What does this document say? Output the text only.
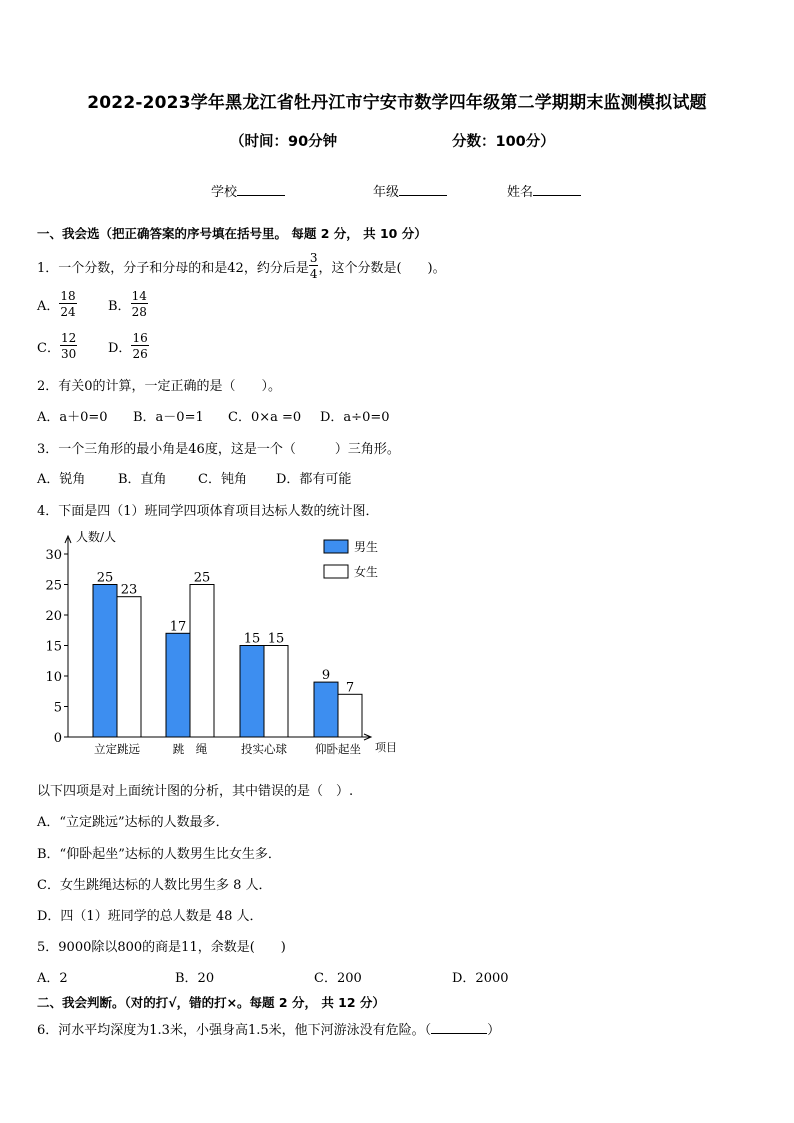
2022-2023学年黑龙江省牡丹江市宁安市数学四年级第二学期期末监测模拟试题
（时间：90分钟	分数：100分）
学校	年级	姓名
一、我会选（把正确答案的序号填在括号里。 每题 2 分， 共 10 分）
1．一个分数，分子和分母的和是42，约分后是 $\frac{3}{4}$ ，这个分数是(　　)。
A． $\frac{18}{24}$ B． $\frac{14}{28}$
C． $\frac{12}{30}$ D． $\frac{16}{26}$
2．有关0的计算，一定正确的是（　　）。
A．a＋0=0 B．a－0=1 C．0×a =0 D．a÷0=0
3．一个三角形的最小角是46度，这是一个（　　　）三角形。
A．锐角	B．直角 C．钝角 D．都有可能
4．下面是四（1）班同学四项体育项目达标人数的统计图．
0
5
10
15
20
25
30
人数/人
项目
25
23
立定跳远
17
25
跳　绳
15 15
投实心球
9
7
仰卧起坐
男生
女生
以下四项是对上面统计图的分析，其中错误的是（　）.
A．“立定跳远”达标的人数最多．
B．“仰卧起坐”达标的人数男生比女生多．
C．女生跳绳达标的人数比男生多 8 人．
D．四（1）班同学的总人数是 48 人．
5．9000除以800的商是11，余数是(　　)
A．2	B．20	C．200	D．2000
二、我会判断。（对的打√，错的打×。每题 2 分， 共 12 分）
6．河水平均深度为1.3米，小强身高1.5米，他下河游泳没有危险。（	）
